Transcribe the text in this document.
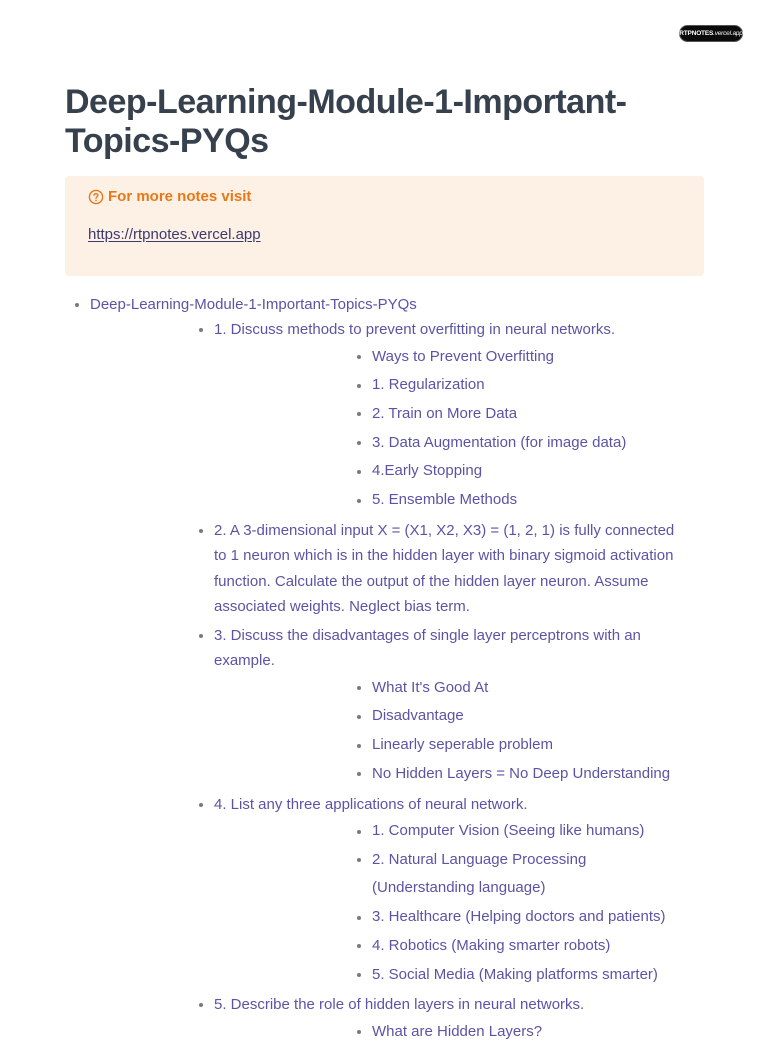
RTPNOTES .vercel.app
Deep-Learning-Module-1-Important-Topics-PYQs
For more notes visit
https://rtpnotes.vercel.app
Deep-Learning-Module-1-Important-Topics-PYQs
1. Discuss methods to prevent overfitting in neural networks.
Ways to Prevent Overfitting
1. Regularization
2. Train on More Data
3. Data Augmentation (for image data)
4.Early Stopping
5. Ensemble Methods
2. A 3-dimensional input X = (X1, X2, X3) = (1, 2, 1) is fully connected to 1 neuron which is in the hidden layer with binary sigmoid activation function. Calculate the output of the hidden layer neuron. Assume associated weights. Neglect bias term.
3. Discuss the disadvantages of single layer perceptrons with an example.
What It's Good At
Disadvantage
Linearly seperable problem
No Hidden Layers = No Deep Understanding
4. List any three applications of neural network.
1. Computer Vision (Seeing like humans)
2. Natural Language Processing (Understanding language)
3. Healthcare (Helping doctors and patients)
4. Robotics (Making smarter robots)
5. Social Media (Making platforms smarter)
5. Describe the role of hidden layers in neural networks.
What are Hidden Layers?
